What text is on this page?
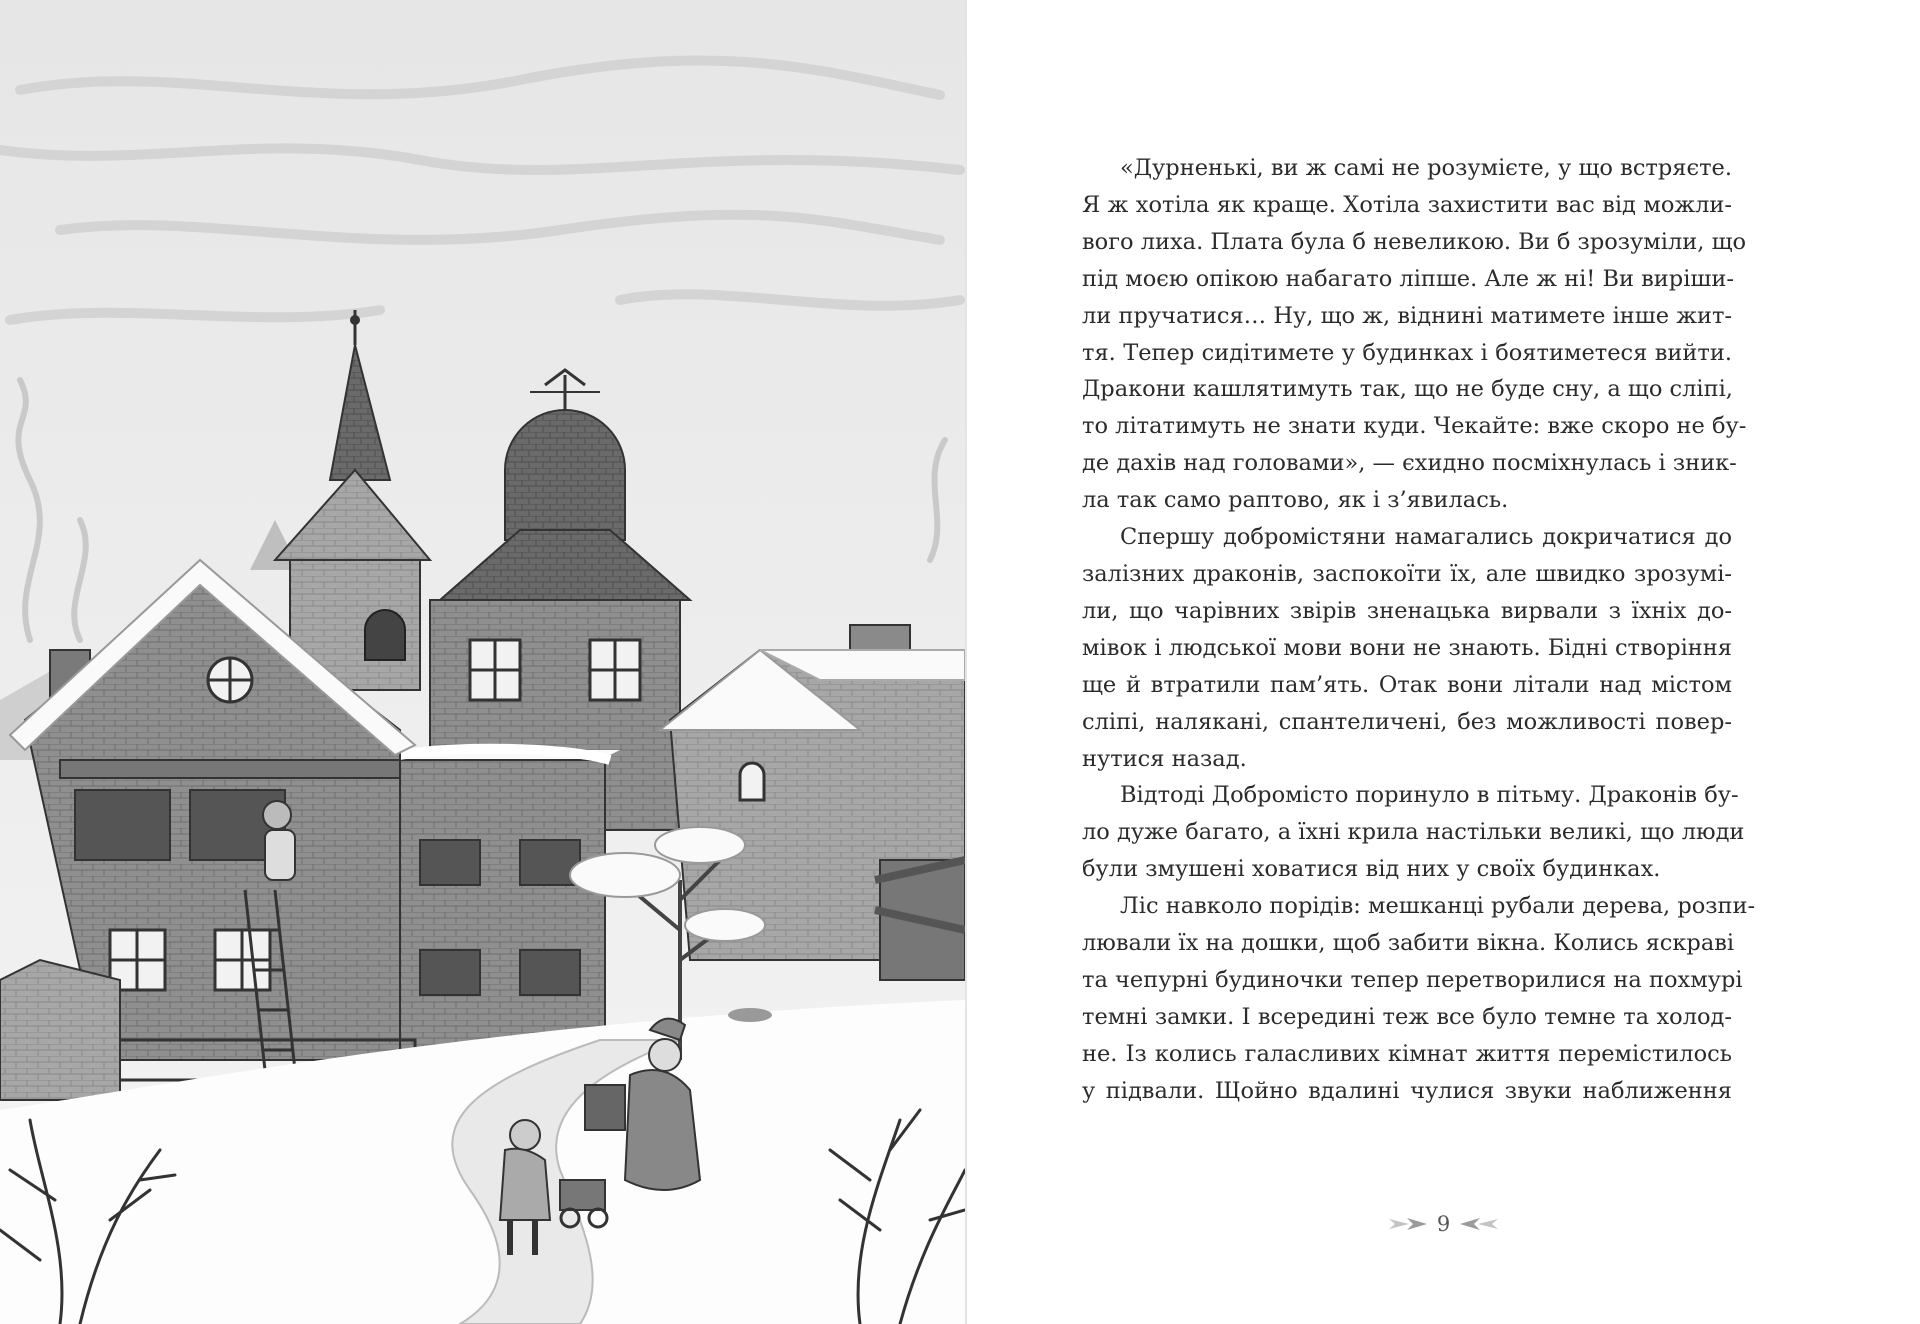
«Дурненькі, ви ж самі не розумієте, у що встряєте.
Я ж хотіла як краще. Хотіла захистити вас від можли-
вого лиха. Плата була б невеликою. Ви б зрозуміли, що
під моєю опікою набагато ліпше. Але ж ні! Ви виріши-
ли пручатися… Ну, що ж, віднині матимете інше жит-
тя. Тепер сидітимете у будинках і боятиметеся вийти.
Дракони кашлятимуть так, що не буде сну, а що сліпі,
то літатимуть не знати куди. Чекайте: вже скоро не бу-
де дахів над головами», — єхидно посміхнулась і зник-
ла так само раптово, як і з’явилась.
Спершу добромістяни намагались докричатися до
залізних драконів, заспокоїти їх, але швидко зрозумі-
ли, що чарівних звірів зненацька вирвали з їхніх до-
мівок і людської мови вони не знають. Бідні створіння
ще й втратили пам’ять. Отак вони літали над містом
сліпі, налякані, спантеличені, без можливості повер-
нутися назад.
Відтоді Добромісто поринуло в пітьму. Драконів бу-
ло дуже багато, а їхні крила настільки великі, що люди
були змушені ховатися від них у своїх будинках.
Ліс навколо порідів: мешканці рубали дерева, розпи-
лювали їх на дошки, щоб забити вікна. Колись яскраві
та чепурні будиночки тепер перетворилися на похмурі
темні замки. І всередині теж все було темне та холод-
не. Із колись галасливих кімнат життя перемістилось
у підвали. Щойно вдалині чулися звуки наближення
9
